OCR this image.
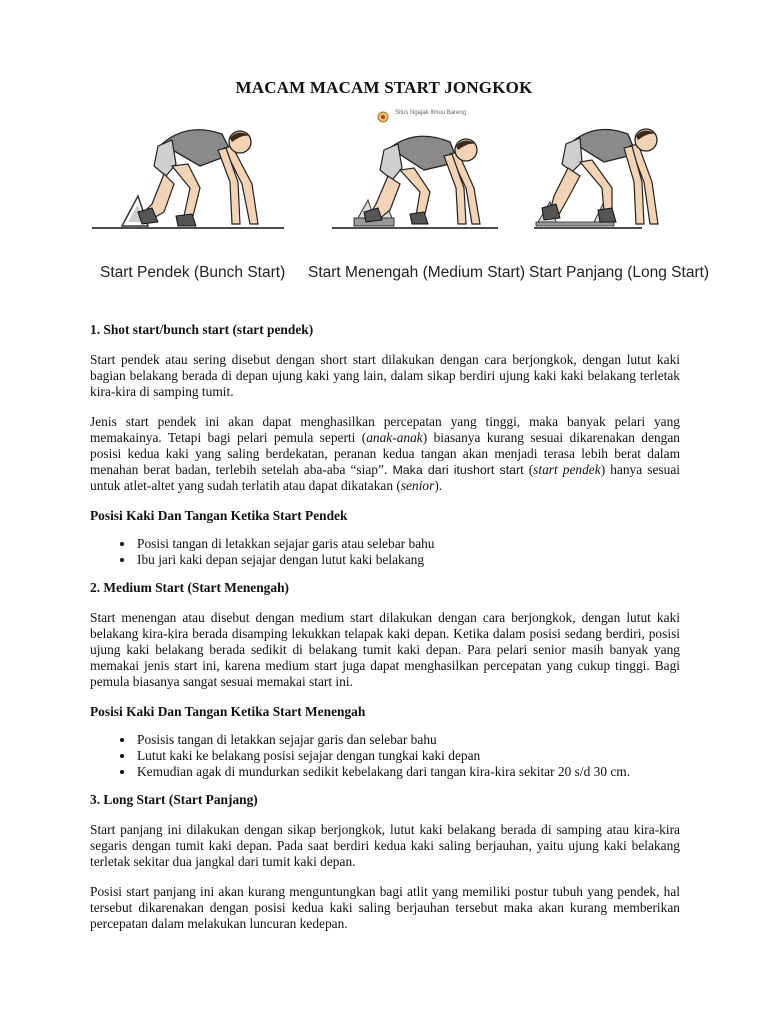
MACAM MACAM START JONGKOK
Situs Ngajak Ilmuu Bareng
Start Pendek (Bunch Start) Start Menengah (Medium Start) Start Panjang (Long Start)
1. Shot start/bunch start (start pendek)

Start pendek atau sering disebut dengan short start dilakukan dengan cara berjongkok, dengan lutut kaki bagian belakang berada di depan ujung kaki yang lain, dalam sikap berdiri ujung kaki kaki belakang terletak kira-kira di samping tumit.

Jenis start pendek ini akan dapat menghasilkan percepatan yang tinggi, maka banyak pelari yang memakainya. Tetapi bagi pelari pemula seperti (anak-anak) biasanya kurang sesuai dikarenakan dengan posisi kedua kaki yang saling berdekatan, peranan kedua tangan akan menjadi terasa lebih berat dalam menahan berat badan, terlebih setelah aba-aba “siap”. Maka dari itushort start (start pendek) hanya sesuai untuk atlet-altet yang sudah terlatih atau dapat dikatakan (senior).

Posisi Kaki Dan Tangan Ketika Start Pendek
• Posisi tangan di letakkan sejajar garis atau selebar bahu
• Ibu jari kaki depan sejajar dengan lutut kaki belakang
2. Medium Start (Start Menengah)

Start menengan atau disebut dengan medium start dilakukan dengan cara berjongkok, dengan lutut kaki belakang kira-kira berada disamping lekukkan telapak kaki depan. Ketika dalam posisi sedang berdiri, posisi ujung kaki belakang berada sedikit di belakang tumit kaki depan. Para pelari senior masih banyak yang memakai jenis start ini, karena medium start juga dapat menghasilkan percepatan yang cukup tinggi. Bagi pemula biasanya sangat sesuai memakai start ini.

Posisi Kaki Dan Tangan Ketika Start Menengah
• Posisis tangan di letakkan sejajar garis dan selebar bahu
• Lutut kaki ke belakang posisi sejajar dengan tungkai kaki depan
• Kemudian agak di mundurkan sedikit kebelakang dari tangan kira-kira sekitar 20 s/d 30 cm.
3. Long Start (Start Panjang)

Start panjang ini dilakukan dengan sikap berjongkok, lutut kaki belakang berada di samping atau kira-kira segaris dengan tumit kaki depan. Pada saat berdiri kedua kaki saling berjauhan, yaitu ujung kaki belakang terletak sekitar dua jangkal dari tumit kaki depan.

Posisi start panjang ini akan kurang menguntungkan bagi atlit yang memiliki postur tubuh yang pendek, hal tersebut dikarenakan dengan posisi kedua kaki saling berjauhan tersebut maka akan kurang memberikan percepatan dalam melakukan luncuran kedepan.
